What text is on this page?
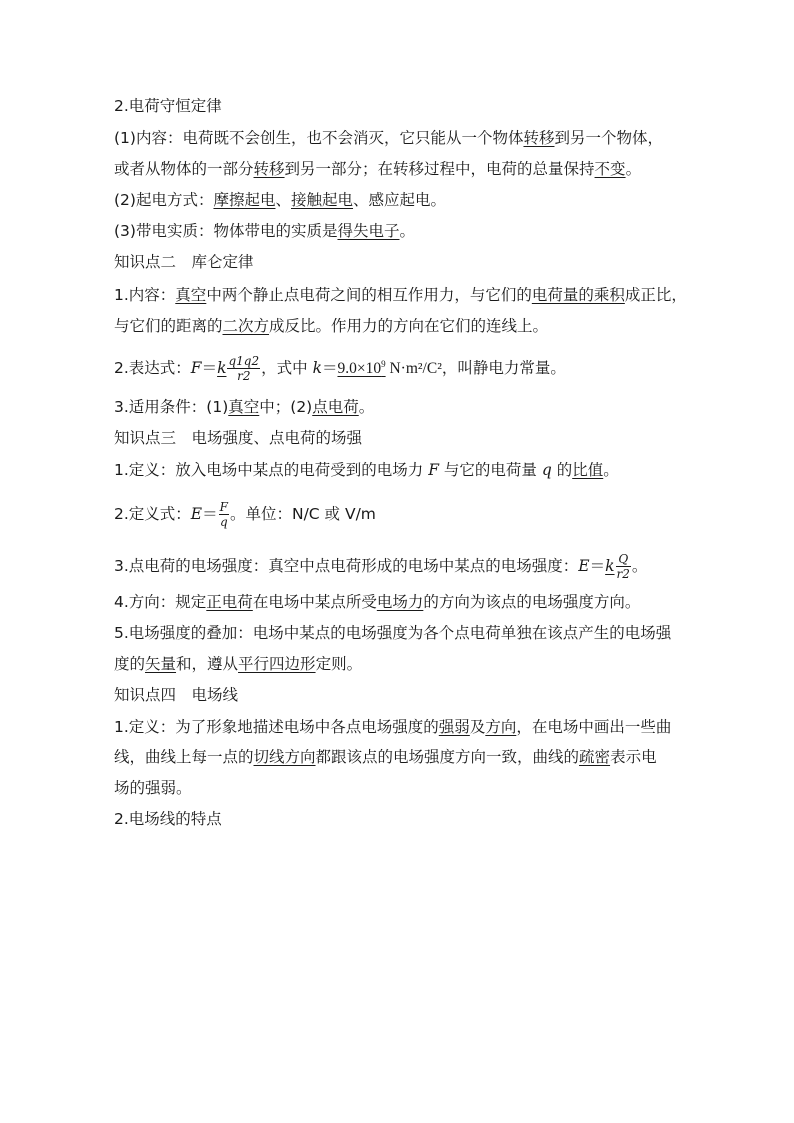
2.电荷守恒定律
(1)内容：电荷既不会创生，也不会消灭，它只能从一个物体转移到另一个物体，
或者从物体的一部分转移到另一部分；在转移过程中，电荷的总量保持不变。
(2)起电方式：摩擦起电、接触起电、感应起电。
(3)带电实质：物体带电的实质是得失电子。
知识点二　库仑定律
1.内容：真空中两个静止点电荷之间的相互作用力，与它们的电荷量的乘积成正比，
与它们的距离的二次方成反比。作用力的方向在它们的连线上。
2.表达式：$F=k \frac{q1q2}{r2}$ ，式中 $k=9.0\times 10^9$ N·m²/C²，叫静电力常量。
3.适用条件：(1)真空中；(2)点电荷。
知识点三　电场强度、点电荷的场强
1.定义：放入电场中某点的电荷受到的电场力 F 与它的电荷量 q 的比值。
2.定义式：$E= \frac{F}{q}$ 。单位：N/C 或 V/m
3.点电荷的电场强度：真空中点电荷形成的电场中某点的电场强度：$E=k \frac{Q}{r2}$ 。
4.方向：规定正电荷在电场中某点所受电场力的方向为该点的电场强度方向。
5.电场强度的叠加：电场中某点的电场强度为各个点电荷单独在该点产生的电场强
度的矢量和，遵从平行四边形定则。
知识点四　电场线
1.定义：为了形象地描述电场中各点电场强度的强弱及方向，在电场中画出一些曲
线，曲线上每一点的切线方向都跟该点的电场强度方向一致，曲线的疏密表示电
场的强弱。
2.电场线的特点
